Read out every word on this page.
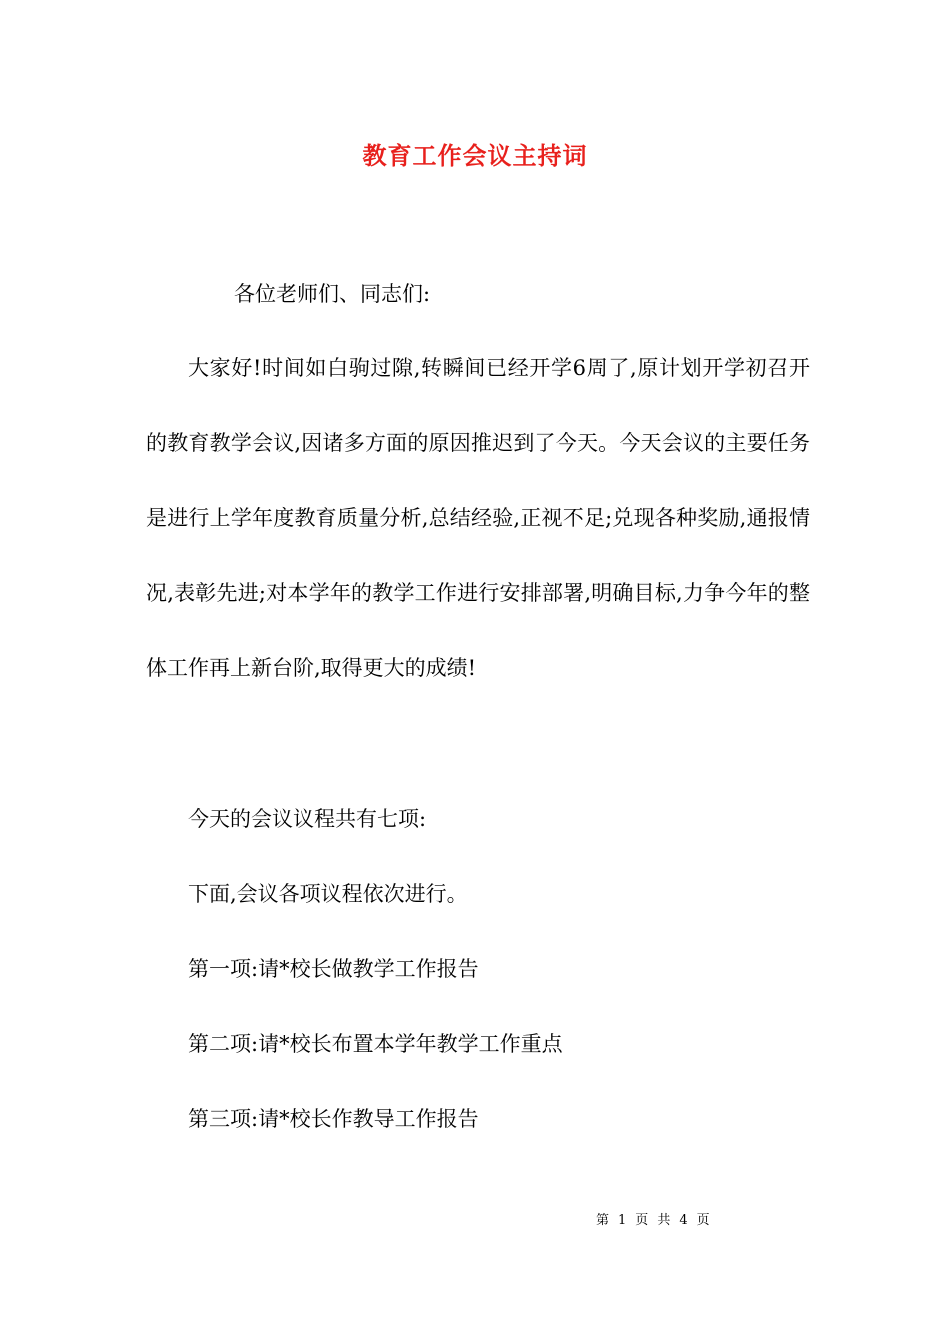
教育工作会议主持词
各位老师们、同志们:

大家好!时间如白驹过隙,转瞬间已经开学6周了,原计划开学初召开的教育教学会议,因诸多方面的原因推迟到了今天。今天会议的主要任务是进行上学年度教育质量分析,总结经验,正视不足;兑现各种奖励,通报情况,表彰先进;对本学年的教学工作进行安排部署,明确目标,力争今年的整体工作再上新台阶,取得更大的成绩!

今天的会议议程共有七项:
下面,会议各项议程依次进行。
第一项:请*校长做教学工作报告
第二项:请*校长布置本学年教学工作重点
第三项:请*校长作教导工作报告
第 1 页 共 4 页
